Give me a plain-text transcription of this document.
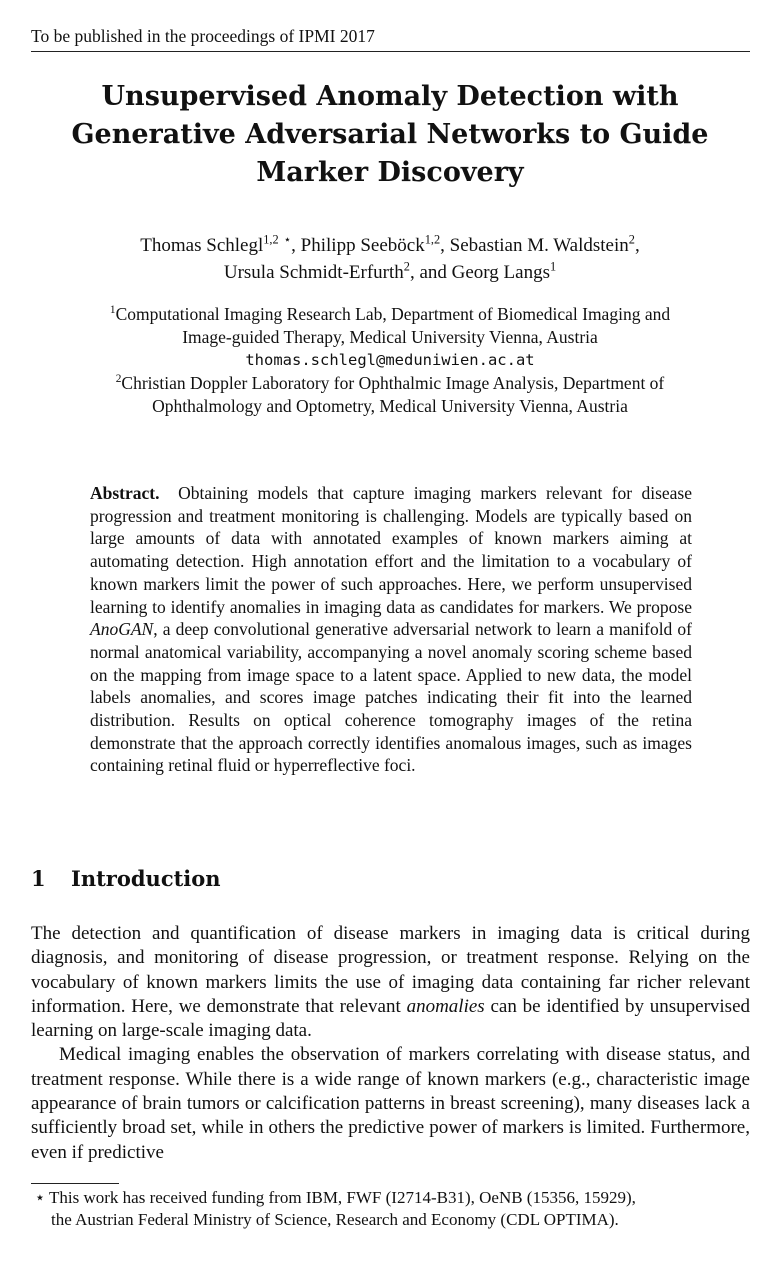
To be published in the proceedings of IPMI 2017
Unsupervised Anomaly Detection with
Generative Adversarial Networks to Guide
Marker Discovery
Thomas Schlegl$^{1,2}$ ⋆, Philipp Seeböck$^{1,2}$, Sebastian M. Waldstein$^2$,
Ursula Schmidt-Erfurth$^2$, and Georg Langs$^1$
$^1$Computational Imaging Research Lab, Department of Biomedical Imaging and
Image-guided Therapy, Medical University Vienna, Austria
thomas.schlegl@meduniwien.ac.at
$^2$Christian Doppler Laboratory for Ophthalmic Image Analysis, Department of
Ophthalmology and Optometry, Medical University Vienna, Austria
Abstract. Obtaining models that capture imaging markers relevant for disease progression and treatment monitoring is challenging. Models are typically based on large amounts of data with annotated examples of known markers aiming at automating detection. High annotation effort and the limitation to a vocabulary of known markers limit the power of such approaches. Here, we perform unsupervised learning to identify anomalies in imaging data as candidates for markers. We propose AnoGAN, a deep convolutional generative adversarial network to learn a manifold of normal anatomical variability, accompanying a novel anomaly scoring scheme based on the mapping from image space to a latent space. Applied to new data, the model labels anomalies, and scores image patches indicating their fit into the learned distribution. Results on optical coherence tomography images of the retina demonstrate that the approach correctly identifies anomalous images, such as images containing retinal fluid or hyperreflective foci.
1 Introduction

The detection and quantification of disease markers in imaging data is critical during diagnosis, and monitoring of disease progression, or treatment response. Relying on the vocabulary of known markers limits the use of imaging data containing far richer relevant information. Here, we demonstrate that relevant anomalies can be identified by unsupervised learning on large-scale imaging data.

Medical imaging enables the observation of markers correlating with disease status, and treatment response. While there is a wide range of known markers (e.g., characteristic image appearance of brain tumors or calcification patterns in breast screening), many diseases lack a sufficiently broad set, while in others the predictive power of markers is limited. Furthermore, even if predictive

⋆ This work has received funding from IBM, FWF (I2714-B31), OeNB (15356, 15929),
the Austrian Federal Ministry of Science, Research and Economy (CDL OPTIMA).
